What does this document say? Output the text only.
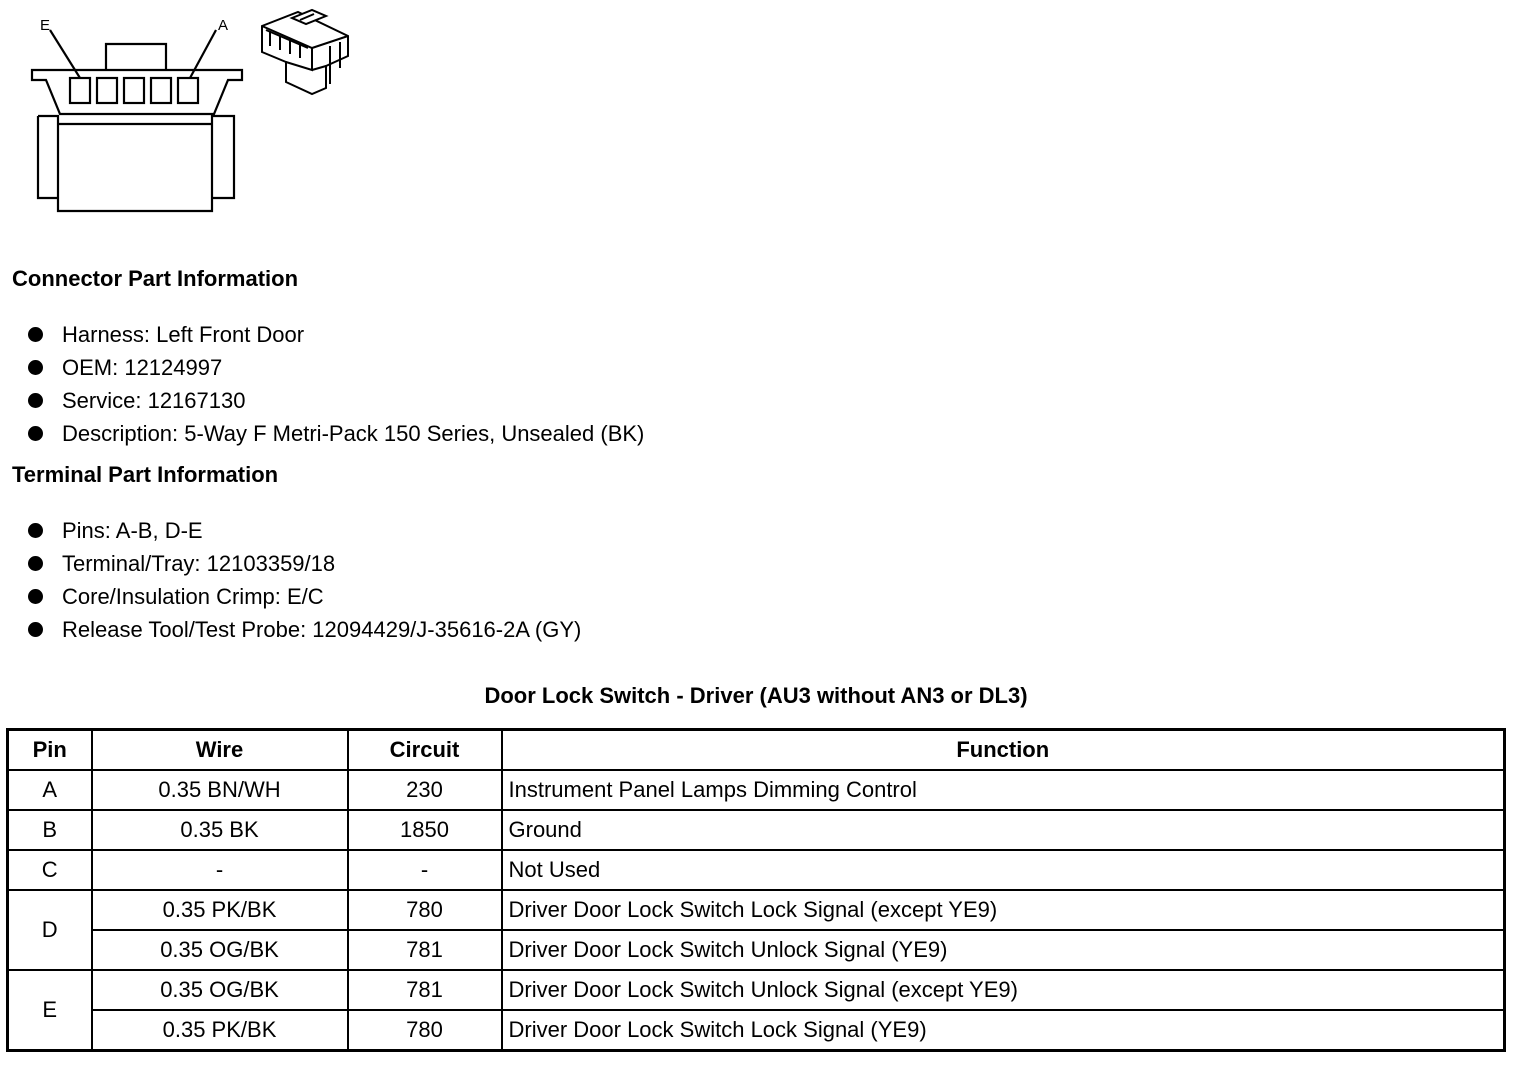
E	A
Connector Part Information
Harness: Left Front Door
OEM: 12124997
Service: 12167130
Description: 5-Way F Metri-Pack 150 Series, Unsealed (BK)
Terminal Part Information
Pins: A-B, D-E
Terminal/Tray: 12103359/18
Core/Insulation Crimp: E/C
Release Tool/Test Probe: 12094429/J-35616-2A (GY)
Door Lock Switch - Driver (AU3 without AN3 or DL3)
Pin	Wire	Circuit	Function
A	0.35 BN/WH	230	Instrument Panel Lamps Dimming Control
B	0.35 BK	1850	Ground
C	-	-	Not Used
D	0.35 PK/BK	780	Driver Door Lock Switch Lock Signal (except YE9)
	0.35 OG/BK	781	Driver Door Lock Switch Unlock Signal (YE9)
E	0.35 OG/BK	781	Driver Door Lock Switch Unlock Signal (except YE9)
	0.35 PK/BK	780	Driver Door Lock Switch Lock Signal (YE9)
